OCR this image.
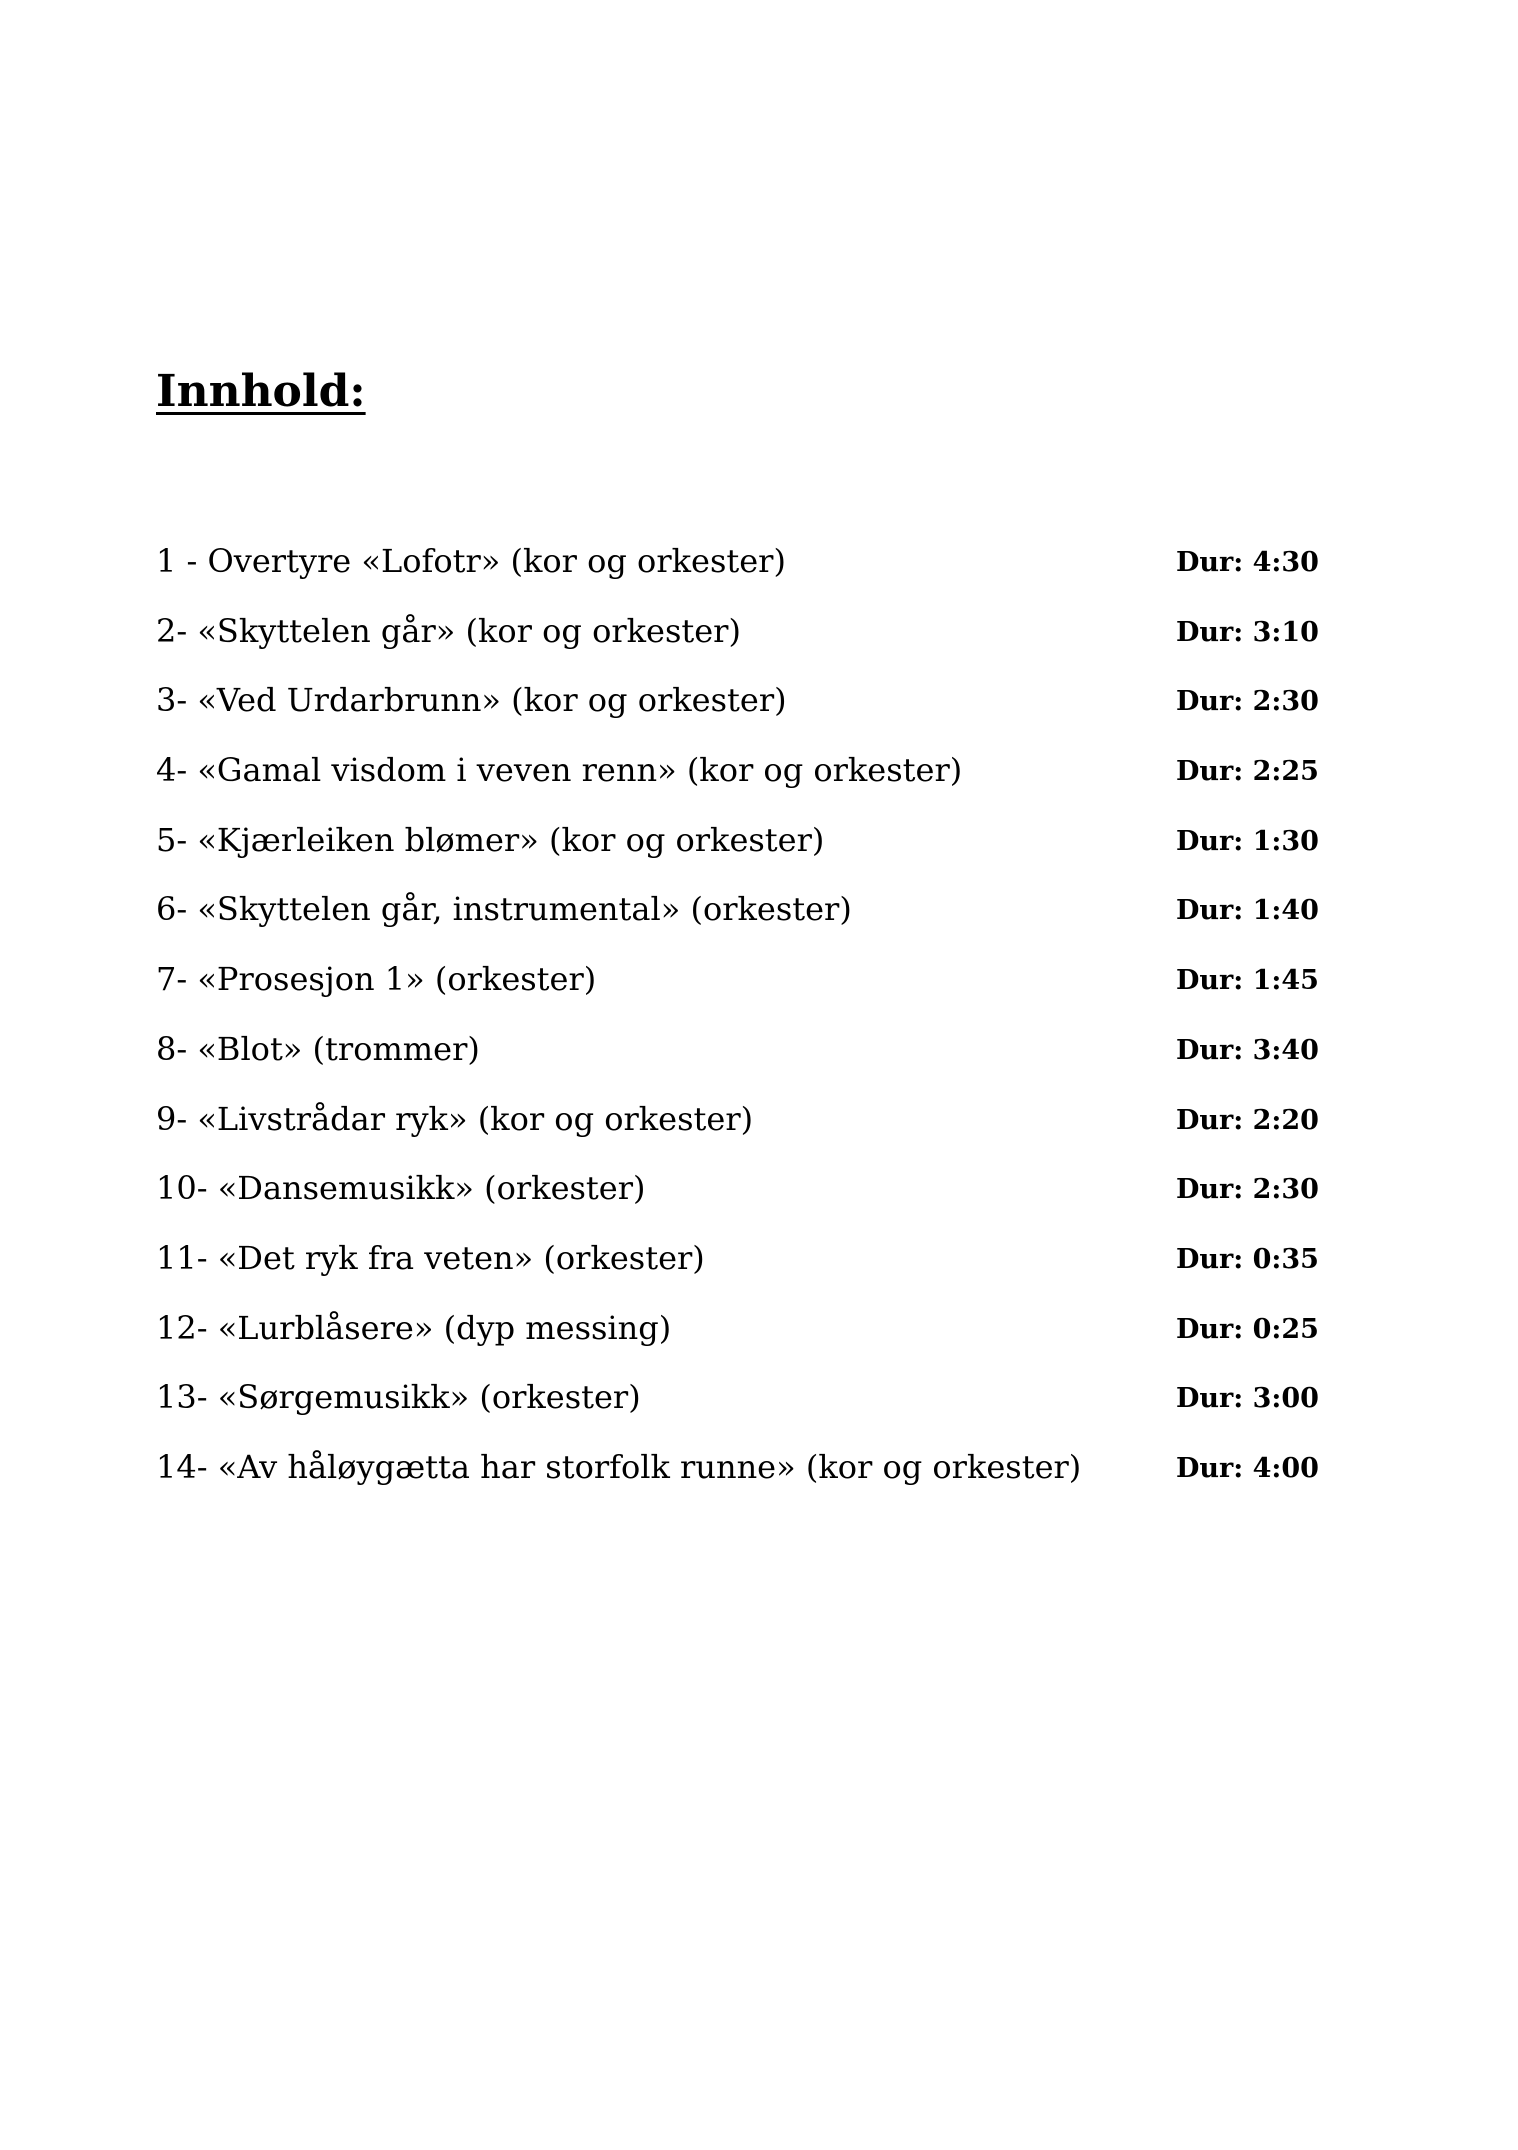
Innhold:
1 - Overtyre «Lofotr» (kor og orkester)	Dur: 4:30
2- «Skyttelen går» (kor og orkester)	Dur: 3:10
3- «Ved Urdarbrunn» (kor og orkester)	Dur: 2:30
4- «Gamal visdom i veven renn» (kor og orkester)	Dur: 2:25
5- «Kjærleiken blømer» (kor og orkester)	Dur: 1:30
6- «Skyttelen går, instrumental» (orkester)	Dur: 1:40
7- «Prosesjon 1» (orkester)	Dur: 1:45
8- «Blot» (trommer)	Dur: 3:40
9- «Livstrådar ryk» (kor og orkester)	Dur: 2:20
10- «Dansemusikk» (orkester)	Dur: 2:30
11- «Det ryk fra veten» (orkester)	Dur: 0:35
12- «Lurblåsere» (dyp messing)	Dur: 0:25
13- «Sørgemusikk» (orkester)	Dur: 3:00
14- «Av håløygætta har storfolk runne» (kor og orkester)	Dur: 4:00
